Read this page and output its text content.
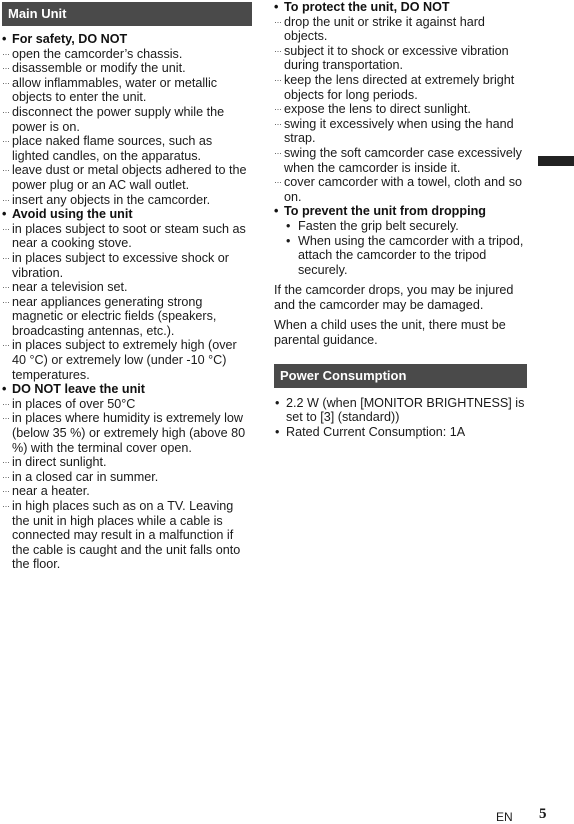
Main Unit
• For safety, DO NOT
··· open the camcorder’s chassis.
··· disassemble or modify the unit.
··· allow inflammables, water or metallic objects to enter the unit.
··· disconnect the power supply while the power is on.
··· place naked flame sources, such as lighted candles, on the apparatus.
··· leave dust or metal objects adhered to the power plug or an AC wall outlet.
··· insert any objects in the camcorder.
• Avoid using the unit
··· in places subject to soot or steam such as near a cooking stove.
··· in places subject to excessive shock or vibration.
··· near a television set.
··· near appliances generating strong magnetic or electric fields (speakers, broadcasting antennas, etc.).
··· in places subject to extremely high (over 40 °C) or extremely low (under -10 °C) temperatures.
• DO NOT leave the unit
··· in places of over 50°C
··· in places where humidity is extremely low (below 35 %) or extremely high (above 80 %) with the terminal cover open.
··· in direct sunlight.
··· in a closed car in summer.
··· near a heater.
··· in high places such as on a TV. Leaving the unit in high places while a cable is connected may result in a malfunction if the cable is caught and the unit falls onto the floor.
• To protect the unit, DO NOT
··· drop the unit or strike it against hard objects.
··· subject it to shock or excessive vibration during transportation.
··· keep the lens directed at extremely bright objects for long periods.
··· expose the lens to direct sunlight.
··· swing it excessively when using the hand strap.
··· swing the soft camcorder case excessively when the camcorder is inside it.
··· cover camcorder with a towel, cloth and so on.
• To prevent the unit from dropping
• Fasten the grip belt securely.
• When using the camcorder with a tripod, attach the camcorder to the tripod securely.
If the camcorder drops, you may be injured and the camcorder may be damaged.
When a child uses the unit, there must be parental guidance.
Power Consumption
• 2.2 W (when [MONITOR BRIGHTNESS] is set to [3] (standard))
• Rated Current Consumption: 1A
EN 5
